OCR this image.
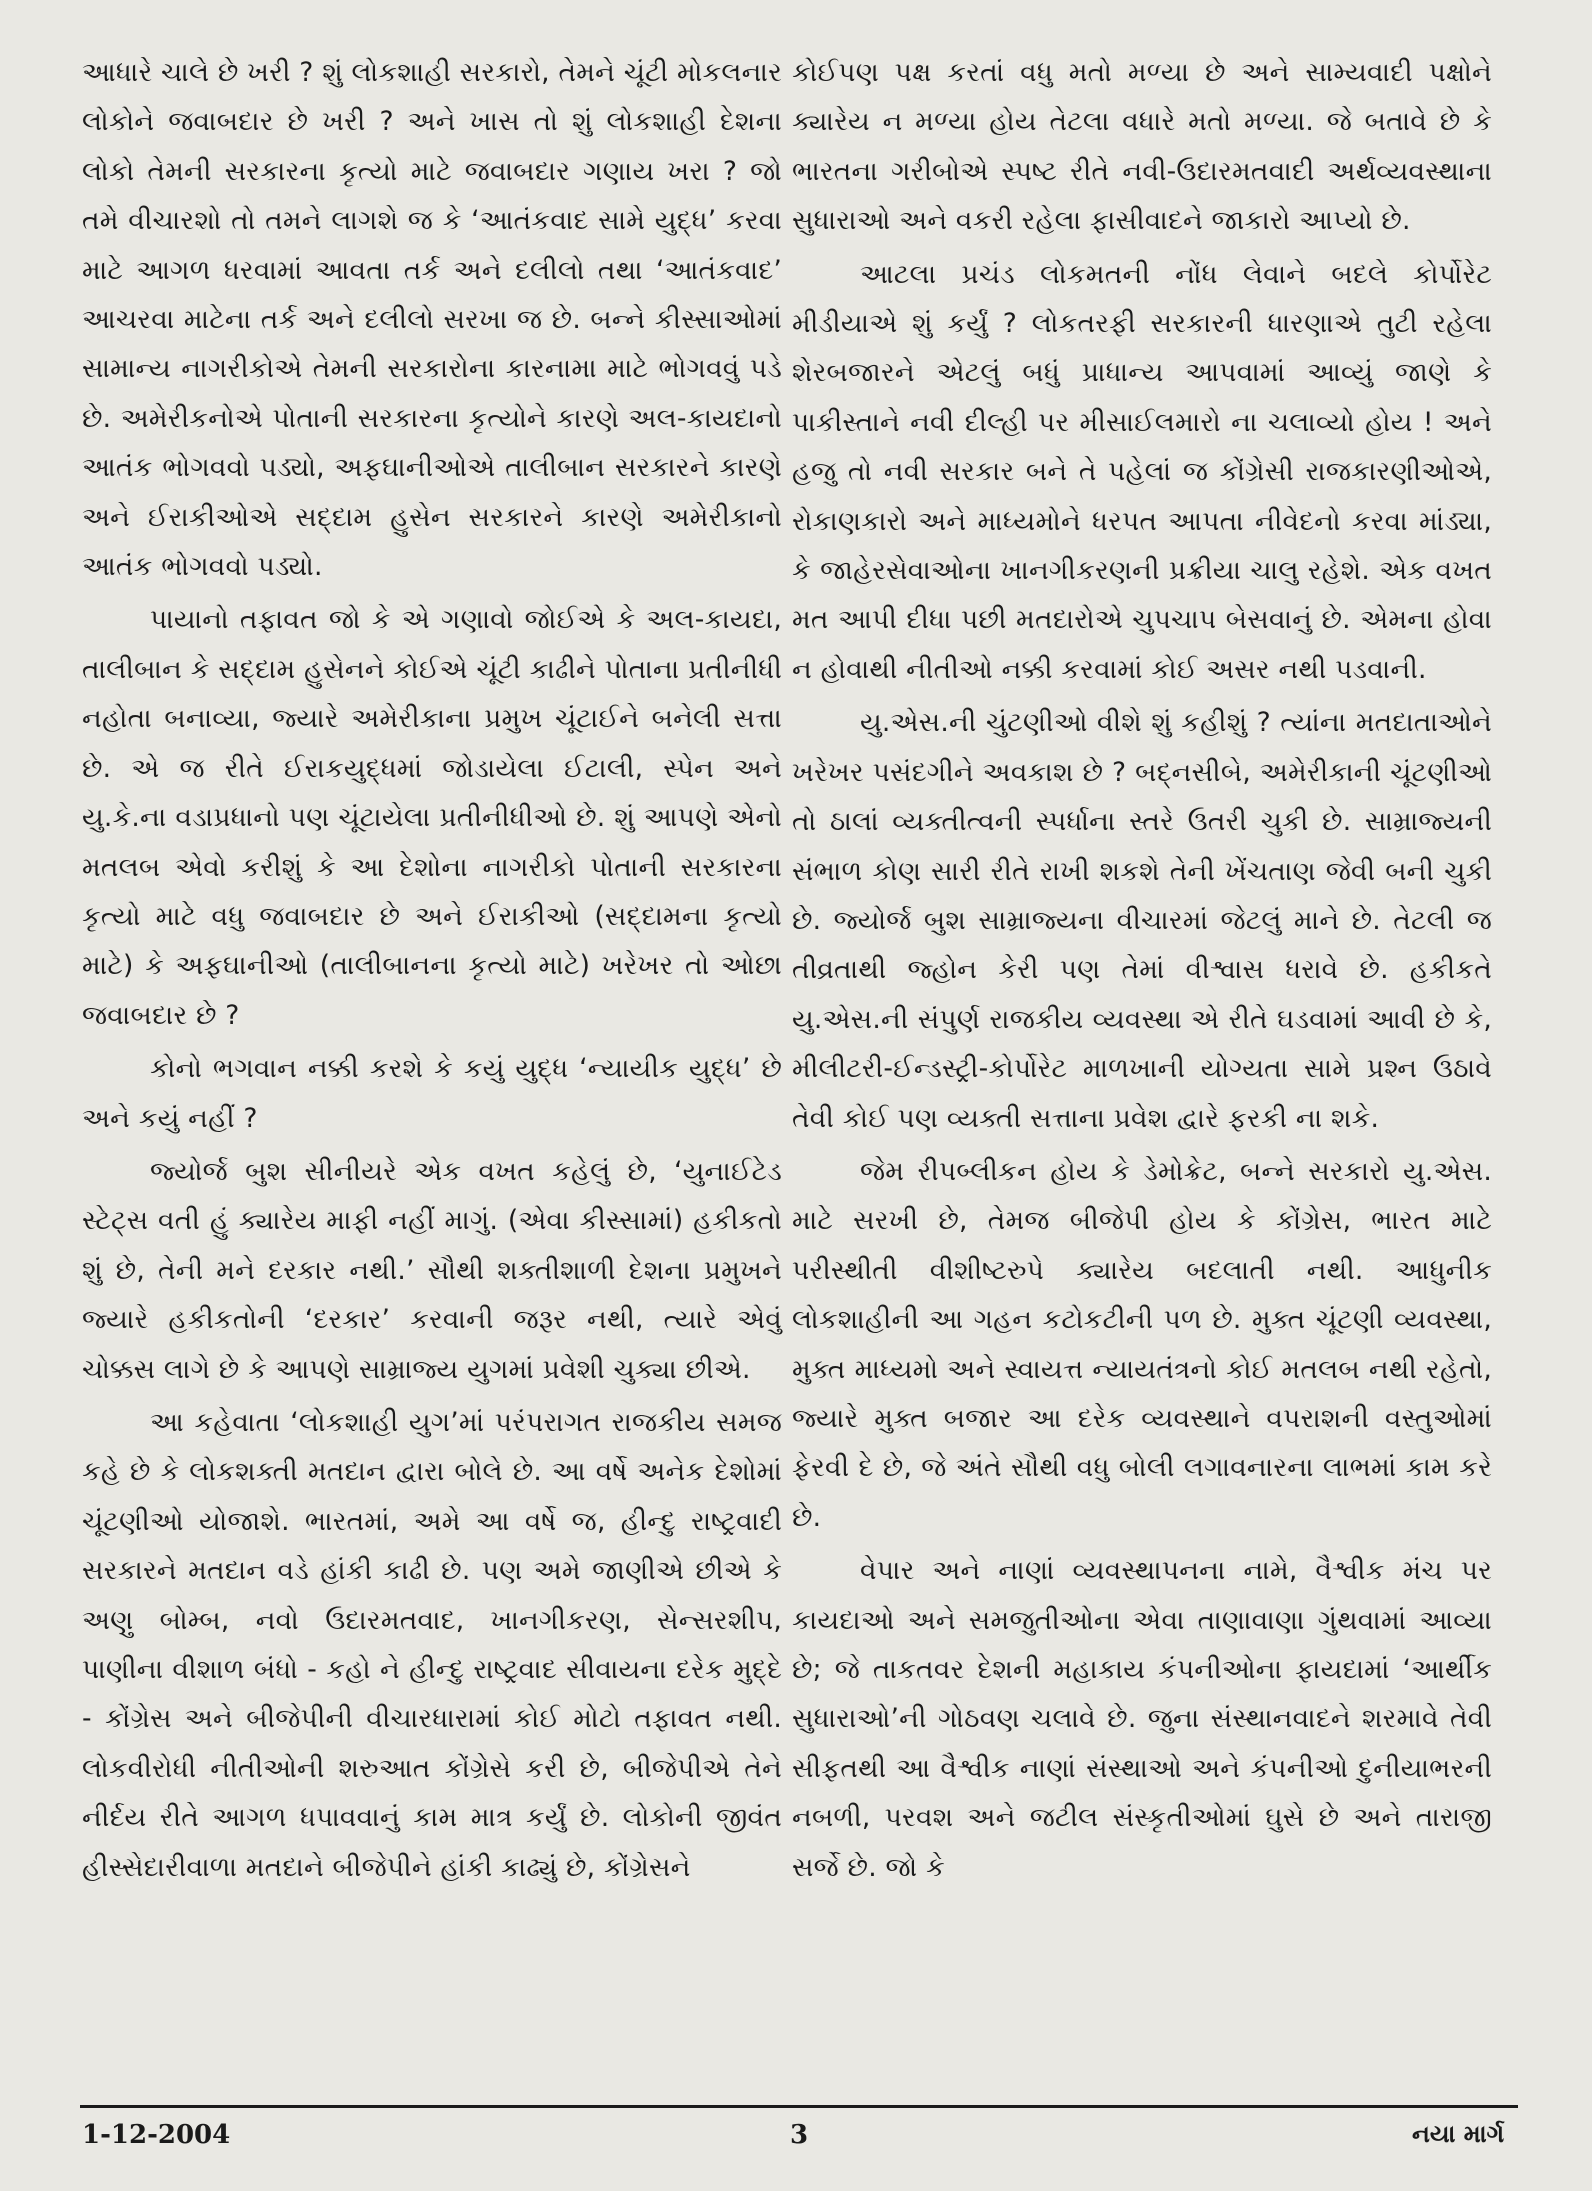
આધારે ચાલે છે ખરી ? શું લોકશાહી સરકારો, તેમને ચૂંટી મોકલનાર લોકોને જવાબદાર છે ખરી ? અને ખાસ તો શું લોકશાહી દેશના લોકો તેમની સરકારના કૃત્યો માટે જવાબદાર ગણાય ખરા ? જો તમે વીચારશો તો તમને લાગશે જ કે ‘આતંકવાદ સામે યુદ્ધ’ કરવા માટે આગળ ધરવામાં આવતા તર્ક અને દલીલો તથા ‘આતંકવાદ’ આચરવા માટેના તર્ક અને દલીલો સરખા જ છે. બન્ને કીસ્સાઓમાં સામાન્ય નાગરીકોએ તેમની સરકારોના કારનામા માટે ભોગવવું પડે છે. અમેરીકનોએ પોતાની સરકારના કૃત્યોને કારણે અલ-કાયદાનો આતંક ભોગવવો પડ્યો, અફઘાનીઓએ તાલીબાન સરકારને કારણે અને ઈરાકીઓએ સદ્દામ હુસેન સરકારને કારણે અમેરીકાનો આતંક ભોગવવો પડ્યો.

પાયાનો તફાવત જો કે એ ગણાવો જોઈએ કે અલ-કાયદા, તાલીબાન કે સદ્દામ હુસેનને કોઈએ ચૂંટી કાઢીને પોતાના પ્રતીનીધી નહોતા બનાવ્યા, જ્યારે અમેરીકાના પ્રમુખ ચૂંટાઈને બનેલી સત્તા છે. એ જ રીતે ઈરાકયુદ્ધમાં જોડાયેલા ઈટાલી, સ્પેન અને યુ.કે.ના વડાપ્રધાનો પણ ચૂંટાયેલા પ્રતીનીધીઓ છે. શું આપણે એનો મતલબ એવો કરીશું કે આ દેશોના નાગરીકો પોતાની સરકારના કૃત્યો માટે વધુ જવાબદાર છે અને ઈરાકીઓ (સદ્દામના કૃત્યો માટે) કે અફઘાનીઓ (તાલીબાનના કૃત્યો માટે) ખરેખર તો ઓછા જવાબદાર છે ?

કોનો ભગવાન નક્કી કરશે કે કયું યુદ્ધ ‘ન્યાયીક યુદ્ધ’ છે અને કયું નહીં ?

જ્યોર્જ બુશ સીનીયરે એક વખત કહેલું છે, ‘યુનાઈટેડ સ્ટેટ્સ વતી હું ક્યારેય માફી નહીં માગું. (એવા કીસ્સામાં) હકીકતો શું છે, તેની મને દરકાર નથી.’ સૌથી શક્તીશાળી દેશના પ્રમુખને જ્યારે હકીકતોની ‘દરકાર’ કરવાની જરૂર નથી, ત્યારે એવું ચોક્કસ લાગે છે કે આપણે સામ્રાજ્ય યુગમાં પ્રવેશી ચુક્યા છીએ.

આ કહેવાતા ‘લોકશાહી યુગ’માં પરંપરાગત રાજકીય સમજ કહે છે કે લોકશક્તી મતદાન દ્વારા બોલે છે. આ વર્ષે અનેક દેશોમાં ચૂંટણીઓ યોજાશે. ભારતમાં, અમે આ વર્ષે જ, હીન્દુ રાષ્ટ્રવાદી સરકારને મતદાન વડે હાંકી કાઢી છે. પણ અમે જાણીએ છીએ કે અણુ બોમ્બ, નવો ઉદારમતવાદ, ખાનગીકરણ, સેન્સરશીપ, પાણીના વીશાળ બંધો - કહો ને હીન્દુ રાષ્ટ્રવાદ સીવાયના દરેક મુદ્દે - કોંગ્રેસ અને બીજેપીની વીચારધારામાં કોઈ મોટો તફાવત નથી. લોકવીરોધી નીતીઓની શરુઆત કોંગ્રેસે કરી છે, બીજેપીએ તેને નીર્દય રીતે આગળ ધપાવવાનું કામ માત્ર કર્યું છે. લોકોની જીવંત હીસ્સેદારીવાળા મતદાને બીજેપીને હાંકી કાઢ્યું છે, કોંગ્રેસને

કોઈપણ પક્ષ કરતાં વધુ મતો મળ્યા છે અને સામ્યવાદી પક્ષોને ક્યારેય ન મળ્યા હોય તેટલા વધારે મતો મળ્યા. જે બતાવે છે કે ભારતના ગરીબોએ સ્પષ્ટ રીતે નવી-ઉદારમતવાદી અર્થવ્યવસ્થાના સુધારાઓ અને વકરી રહેલા ફાસીવાદને જાકારો આપ્યો છે.

આટલા પ્રચંડ લોકમતની નોંધ લેવાને બદલે કોર્પોરેટ મીડીયાએ શું કર્યું ? લોકતરફી સરકારની ધારણાએ તુટી રહેલા શેરબજારને એટલું બધું પ્રાધાન્ય આપવામાં આવ્યું જાણે કે પાકીસ્તાને નવી દીલ્હી પર મીસાઈલમારો ના ચલાવ્યો હોય ! અને હજુ તો નવી સરકાર બને તે પહેલાં જ કોંગ્રેસી રાજકારણીઓએ, રોકાણકારો અને માધ્યમોને ધરપત આપતા નીવેદનો કરવા માંડ્યા, કે જાહેરસેવાઓના ખાનગીકરણની પ્રક્રીયા ચાલુ રહેશે. એક વખત મત આપી દીધા પછી મતદારોએ ચુપચાપ બેસવાનું છે. એમના હોવા ન હોવાથી નીતીઓ નક્કી કરવામાં કોઈ અસર નથી પડવાની.

યુ.એસ.ની ચુંટણીઓ વીશે શું કહીશું ? ત્યાંના મતદાતાઓને ખરેખર પસંદગીને અવકાશ છે ? બદ્નસીબે, અમેરીકાની ચૂંટણીઓ તો ઠાલાં વ્યક્તીત્વની સ્પર્ધાના સ્તરે ઉતરી ચુકી છે. સામ્રાજ્યની સંભાળ કોણ સારી રીતે રાખી શકશે તેની ખેંચતાણ જેવી બની ચુકી છે. જ્યોર્જ બુશ સામ્રાજ્યના વીચારમાં જેટલું માને છે. તેટલી જ તીવ્રતાથી જ્હોન કેરી પણ તેમાં વીશ્વાસ ધરાવે છે. હકીકતે યુ.એસ.ની સંપુર્ણ રાજકીય વ્યવસ્થા એ રીતે ઘડવામાં આવી છે કે, મીલીટરી-ઈન્ડસ્ટ્રી-કોર્પોરેટ માળખાની યોગ્યતા સામે પ્રશ્ન ઉઠાવે તેવી કોઈ પણ વ્યક્તી સત્તાના પ્રવેશ દ્વારે ફરકી ના શકે.

જેમ રીપબ્લીકન હોય કે ડેમોક્રેટ, બન્ને સરકારો યુ.એસ. માટે સરખી છે, તેમજ બીજેપી હોય કે કોંગ્રેસ, ભારત માટે પરીસ્થીતી વીશીષ્ટરુપે ક્યારેય બદલાતી નથી. આધુનીક લોકશાહીની આ ગહન કટોકટીની પળ છે. મુક્ત ચૂંટણી વ્યવસ્થા, મુક્ત માધ્યમો અને સ્વાયત્ત ન્યાયતંત્રનો કોઈ મતલબ નથી રહેતો, જ્યારે મુક્ત બજાર આ દરેક વ્યવસ્થાને વપરાશની વસ્તુઓમાં ફેરવી દે છે, જે અંતે સૌથી વધુ બોલી લગાવનારના લાભમાં કામ કરે છે.

વેપાર અને નાણાં વ્યવસ્થાપનના નામે, વૈશ્વીક મંચ પર કાયદાઓ અને સમજુતીઓના એવા તાણાવાણા ગુંથવામાં આવ્યા છે; જે તાકતવર દેશની મહાકાય કંપનીઓના ફાયદામાં ‘આર્થીક સુધારાઓ’ની ગોઠવણ ચલાવે છે. જુના સંસ્થાનવાદને શરમાવે તેવી સીફતથી આ વૈશ્વીક નાણાં સંસ્થાઓ અને કંપનીઓ દુનીયાભરની નબળી, પરવશ અને જટીલ સંસ્કૃતીઓમાં ઘુસે છે અને તારાજી સર્જે છે. જો કે

1-12-2004	3	નયા માર્ગ
